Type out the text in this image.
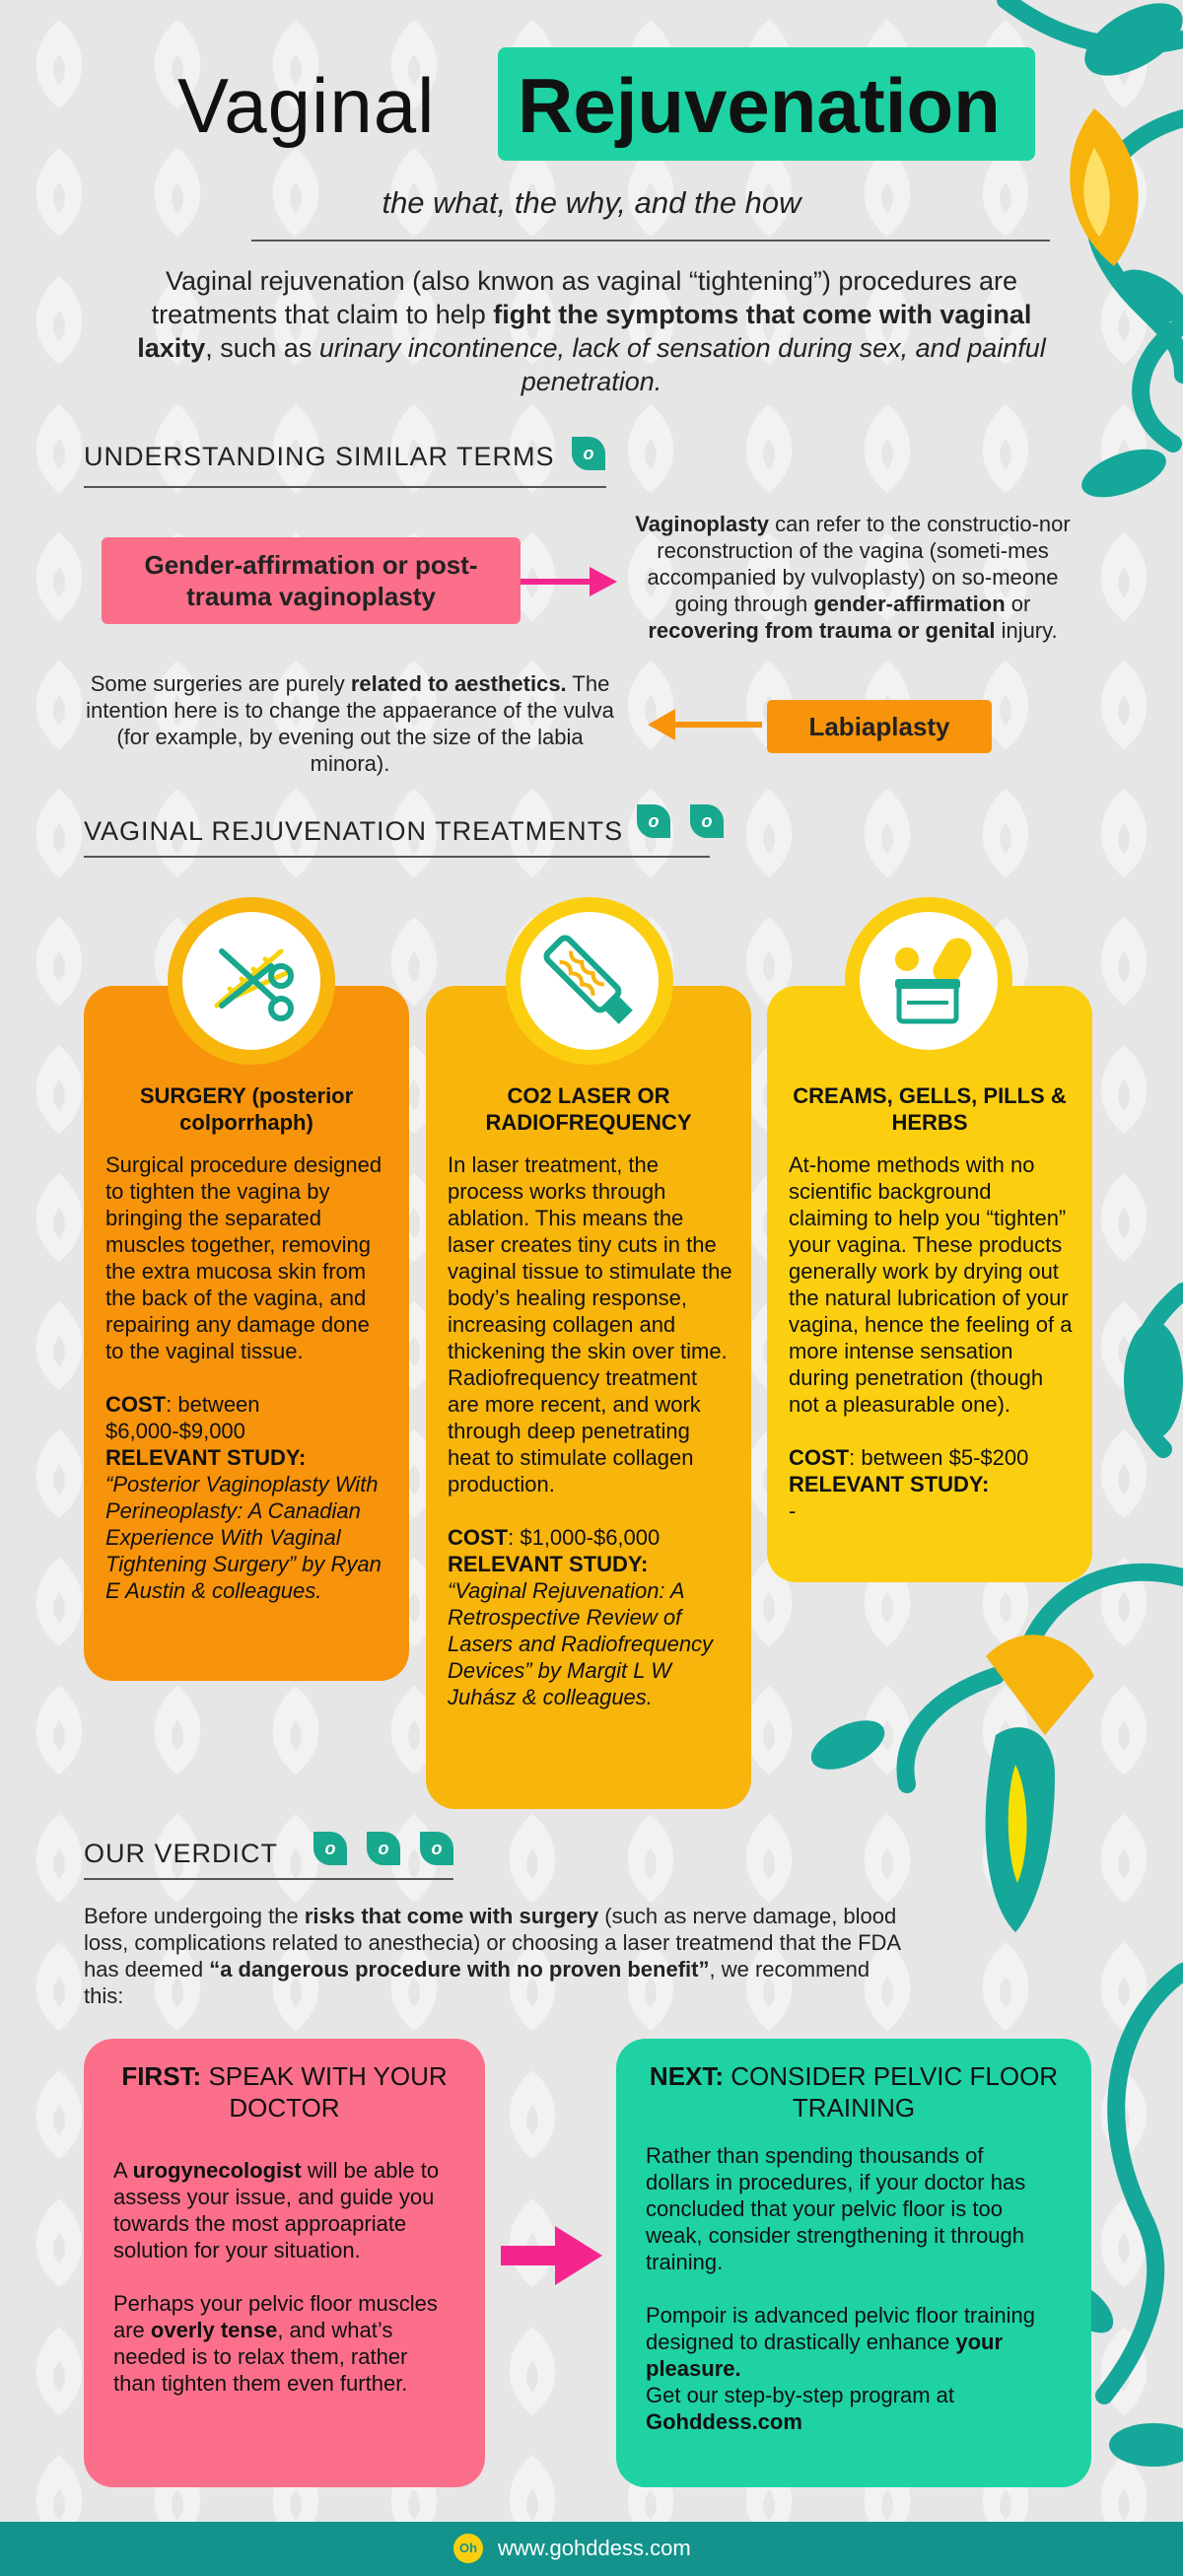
Vaginal Rejuvenation
the what, the why, and the how
Vaginal rejuvenation (also knwon as vaginal “tightening”) procedures are treatments that claim to help fight the symptoms that come with vaginal laxity, such as urinary incontinence, lack of sensation during sex, and painful penetration.
UNDERSTANDING SIMILAR TERMS	o
Gender-affirmation or post-trauma vaginoplasty
Vaginoplasty can refer to the constructio-nor reconstruction of the vagina (someti-mes accompanied by vulvoplasty) on so-meone going through gender-affirmation or recovering from trauma or genital injury.
Some surgeries are purely related to aesthetics. The intention here is to change the appaerance of the vulva (for example, by evening out the size of the labia minora).
Labiaplasty
VAGINAL REJUVENATION TREATMENTS	o	o
SURGERY (posterior colporrhaph)
Surgical procedure designed to tighten the vagina by bringing the separated muscles together, removing the extra mucosa skin from the back of the vagina, and repairing any damage done to the vaginal tissue.
COST: between $6,000-$9,000
RELEVANT STUDY:
“Posterior Vaginoplasty With Perineoplasty: A Canadian Experience With Vaginal Tightening Surgery” by Ryan E Austin & colleagues.
CO2 LASER OR RADIOFREQUENCY
In laser treatment, the process works through ablation. This means the laser creates tiny cuts in the vaginal tissue to stimulate the body’s healing response, increasing collagen and thickening the skin over time. Radiofrequency treatment are more recent, and work through deep penetrating heat to stimulate collagen production.
COST: $1,000-$6,000
RELEVANT STUDY:
“Vaginal Rejuvenation: A Retrospective Review of Lasers and Radiofrequency Devices” by Margit L W Juhász & colleagues.
CREAMS, GELLS, PILLS & HERBS
At-home methods with no scientific background claiming to help you “tighten” your vagina. These products generally work by drying out the natural lubrication of your vagina, hence the feeling of a more intense sensation during penetration (though not a pleasurable one).
COST: between $5-$200
RELEVANT STUDY:
-
OUR VERDICT	o	o	o
Before undergoing the risks that come with surgery (such as nerve damage, blood loss, complications related to anesthecia) or choosing a laser treatmend that the FDA has deemed “a dangerous procedure with no proven benefit”, we recommend this:
FIRST: SPEAK WITH YOUR DOCTOR
A urogynecologist will be able to assess your issue, and guide you towards the most approapriate solution for your situation.
Perhaps your pelvic floor muscles are overly tense, and what’s needed is to relax them, rather than tighten them even further.
NEXT: CONSIDER PELVIC FLOOR TRAINING
Rather than spending thousands of dollars in procedures, if your doctor has concluded that your pelvic floor is too weak, consider strengthening it through training.
Pompoir is advanced pelvic floor training designed to drastically enhance your pleasure.
Get our step-by-step program at
Gohddess.com
Oh www.gohddess.com
